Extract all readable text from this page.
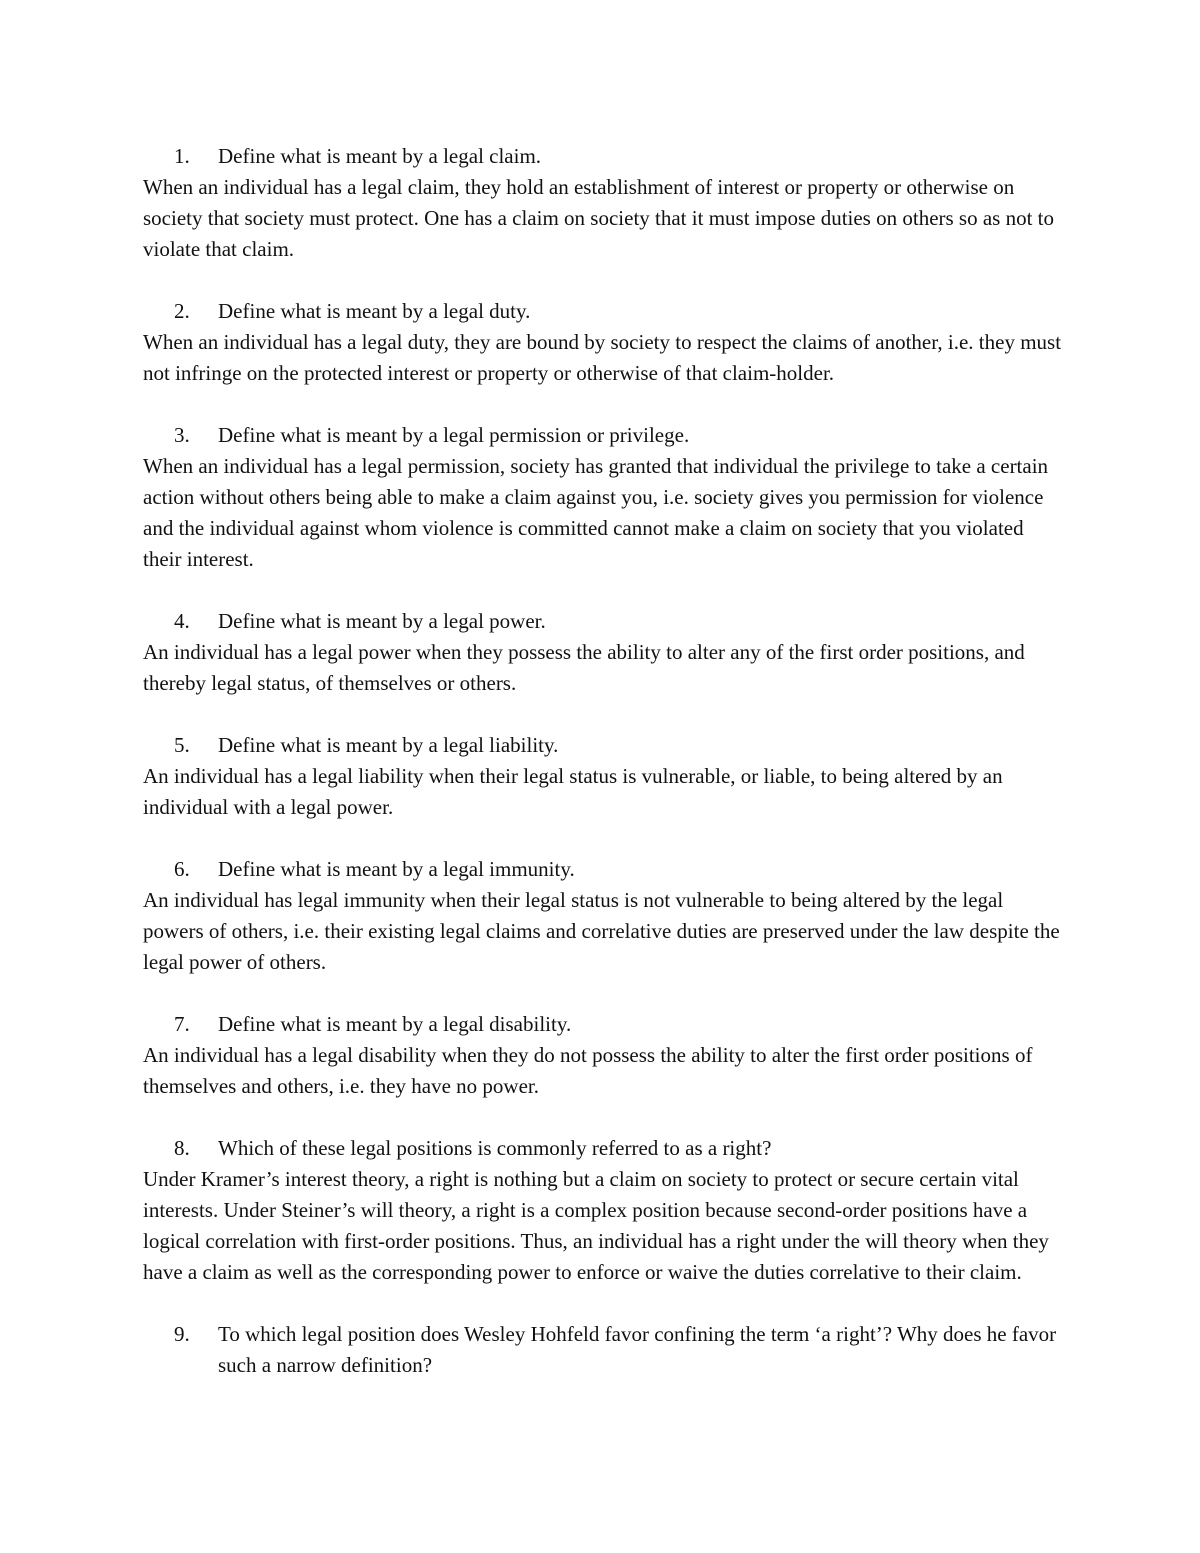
1.	Define what is meant by a legal claim.

When an individual has a legal claim, they hold an establishment of interest or property or otherwise on society that society must protect. One has a claim on society that it must impose duties on others so as not to violate that claim.

2.	Define what is meant by a legal duty.

When an individual has a legal duty, they are bound by society to respect the claims of another, i.e. they must not infringe on the protected interest or property or otherwise of that claim-holder.

3.	Define what is meant by a legal permission or privilege.

When an individual has a legal permission, society has granted that individual the privilege to take a certain action without others being able to make a claim against you, i.e. society gives you permission for violence and the individual against whom violence is committed cannot make a claim on society that you violated their interest.

4.	Define what is meant by a legal power.

An individual has a legal power when they possess the ability to alter any of the first order positions, and thereby legal status, of themselves or others.

5.	Define what is meant by a legal liability.

An individual has a legal liability when their legal status is vulnerable, or liable, to being altered by an individual with a legal power.

6.	Define what is meant by a legal immunity.

An individual has legal immunity when their legal status is not vulnerable to being altered by the legal powers of others, i.e. their existing legal claims and correlative duties are preserved under the law despite the legal power of others.

7.	Define what is meant by a legal disability.

An individual has a legal disability when they do not possess the ability to alter the first order positions of themselves and others, i.e. they have no power.

8.	Which of these legal positions is commonly referred to as a right?

Under Kramer’s interest theory, a right is nothing but a claim on society to protect or secure certain vital interests. Under Steiner’s will theory, a right is a complex position because second-order positions have a logical correlation with first-order positions. Thus, an individual has a right under the will theory when they have a claim as well as the corresponding power to enforce or waive the duties correlative to their claim.

9.	To which legal position does Wesley Hohfeld favor confining the term ‘a right’? Why does he favor such a narrow definition?
